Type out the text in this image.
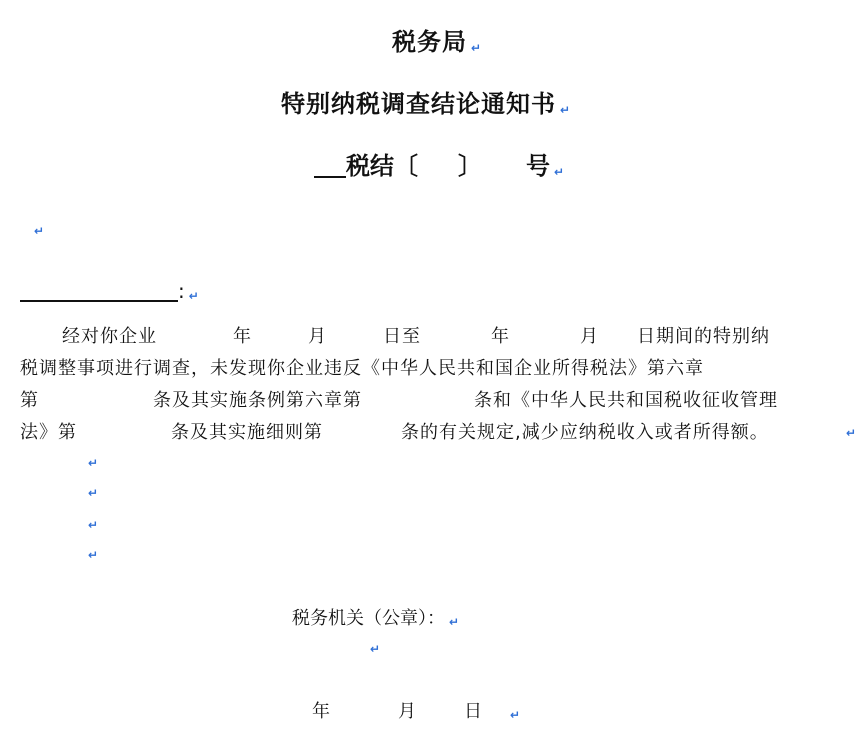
税务局 ↵
特别纳税调查结论通知书 ↵
税结〔 〕 号 ↵
↵
: ↵
经对你企业	年	月	日至	年	月 日期间的特别纳
税调整事项进行调查，未发现你企业违反《中华人民共和国企业所得税法》第六章
第	条及其实施条例第六章第	条和《中华人民共和国税收征收管理
法》第	条及其实施细则第	条的有关规定,减少应纳税收入或者所得额。	↵
↵
↵
↵
↵
税务机关（公章）： ↵
↵
年	月	日 ↵
